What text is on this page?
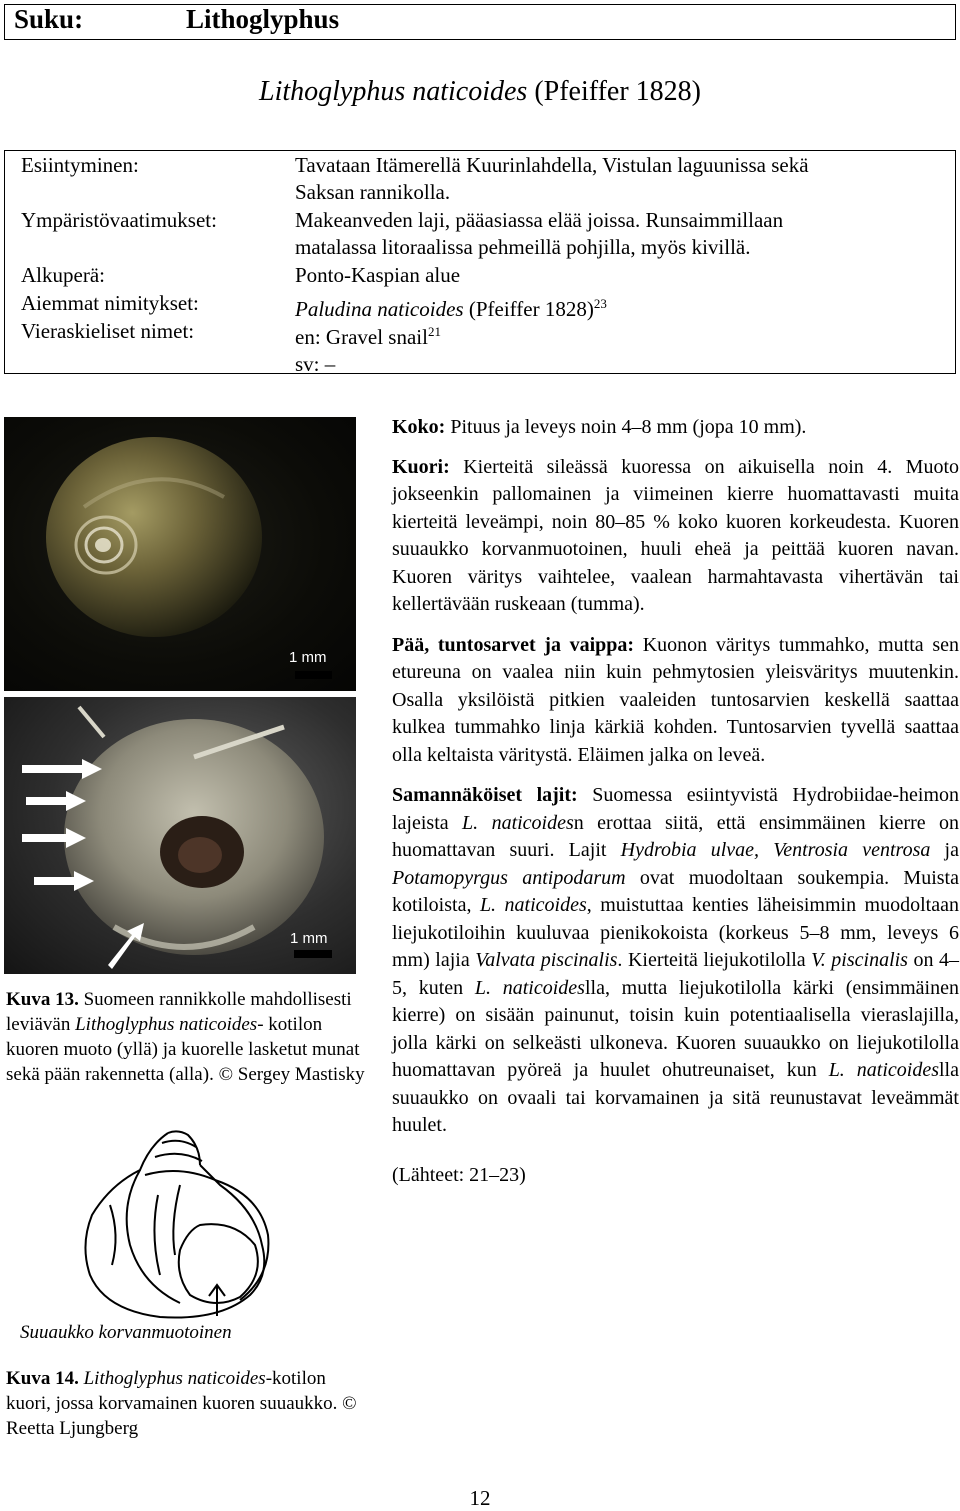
Suku:	Lithoglyphus
Lithoglyphus naticoides (Pfeiffer 1828)
Esiintyminen:	Tavataan Itämerellä Kuurinlahdella, Vistulan laguunissa sekä
Saksan rannikolla.
Ympäristövaatimukset:	Makeanveden laji, pääasiassa elää joissa. Runsaimmillaan
matalassa litoraalissa pehmeillä pohjilla, myös kivillä.
Alkuperä:	Ponto-Kaspian alue
Aiemmat nimitykset:	Paludina naticoides (Pfeiffer 1828)$^{23}$
Vieraskieliset nimet:	en: Gravel snail$^{21}$
sv: –
1 mm
1 mm
Kuva 13. Suomeen rannikkolle mahdollisesti leviävän Lithoglyphus naticoides- kotilon kuoren muoto (yllä) ja kuorelle lasketut munat sekä pään rakennetta (alla). © Sergey Mastisky
Suuaukko korvanmuotoinen
Kuva 14. Lithoglyphus naticoides-kotilon kuori, jossa korvamainen kuoren suuaukko. © Reetta Ljungberg

Koko: Pituus ja leveys noin 4–8 mm (jopa 10 mm).

Kuori: Kierteitä sileässä kuoressa on aikuisella noin 4. Muoto jokseenkin pallomainen ja viimeinen kierre huomattavasti muita kierteitä leveämpi, noin 80–85 % koko kuoren korkeudesta. Kuoren suuaukko korvanmuotoinen, huuli eheä ja peittää kuoren navan. Kuoren väritys vaihtelee, vaalean harmahtavasta vihertävän tai kellertävään ruskeaan (tumma).

Pää, tuntosarvet ja vaippa: Kuonon väritys tummahko, mutta sen etureuna on vaalea niin kuin pehmytosien yleisväritys muutenkin. Osalla yksilöistä pitkien vaaleiden tuntosarvien keskellä saattaa kulkea tummahko linja kärkiä kohden. Tuntosarvien tyvellä saattaa olla keltaista väritystä. Eläimen jalka on leveä.

Samannäköiset lajit: Suomessa esiintyvistä Hydrobiidae-heimon lajeista L. naticoidesn erottaa siitä, että ensimmäinen kierre on huomattavan suuri. Lajit Hydrobia ulvae, Ventrosia ventrosa ja Potamopyrgus antipodarum ovat muodoltaan soukempia. Muista kotiloista, L. naticoides, muistuttaa kenties läheisimmin muodoltaan liejukotiloihin kuuluvaa pienikokoista (korkeus 5–8 mm, leveys 6 mm) lajia Valvata piscinalis. Kierteitä liejukotilolla V. piscinalis on 4–5, kuten L. naticoideslla, mutta liejukotilolla kärki (ensimmäinen kierre) on sisään painunut, toisin kuin potentiaalisella vieraslajilla, jolla kärki on selkeästi ulkoneva. Kuoren suuaukko on liejukotilolla huomattavan pyöreä ja huulet ohutreunaiset, kun L. naticoideslla suuaukko on ovaali tai korvamainen ja sitä reunustavat leveämmät huulet.

(Lähteet: 21–23)

12
